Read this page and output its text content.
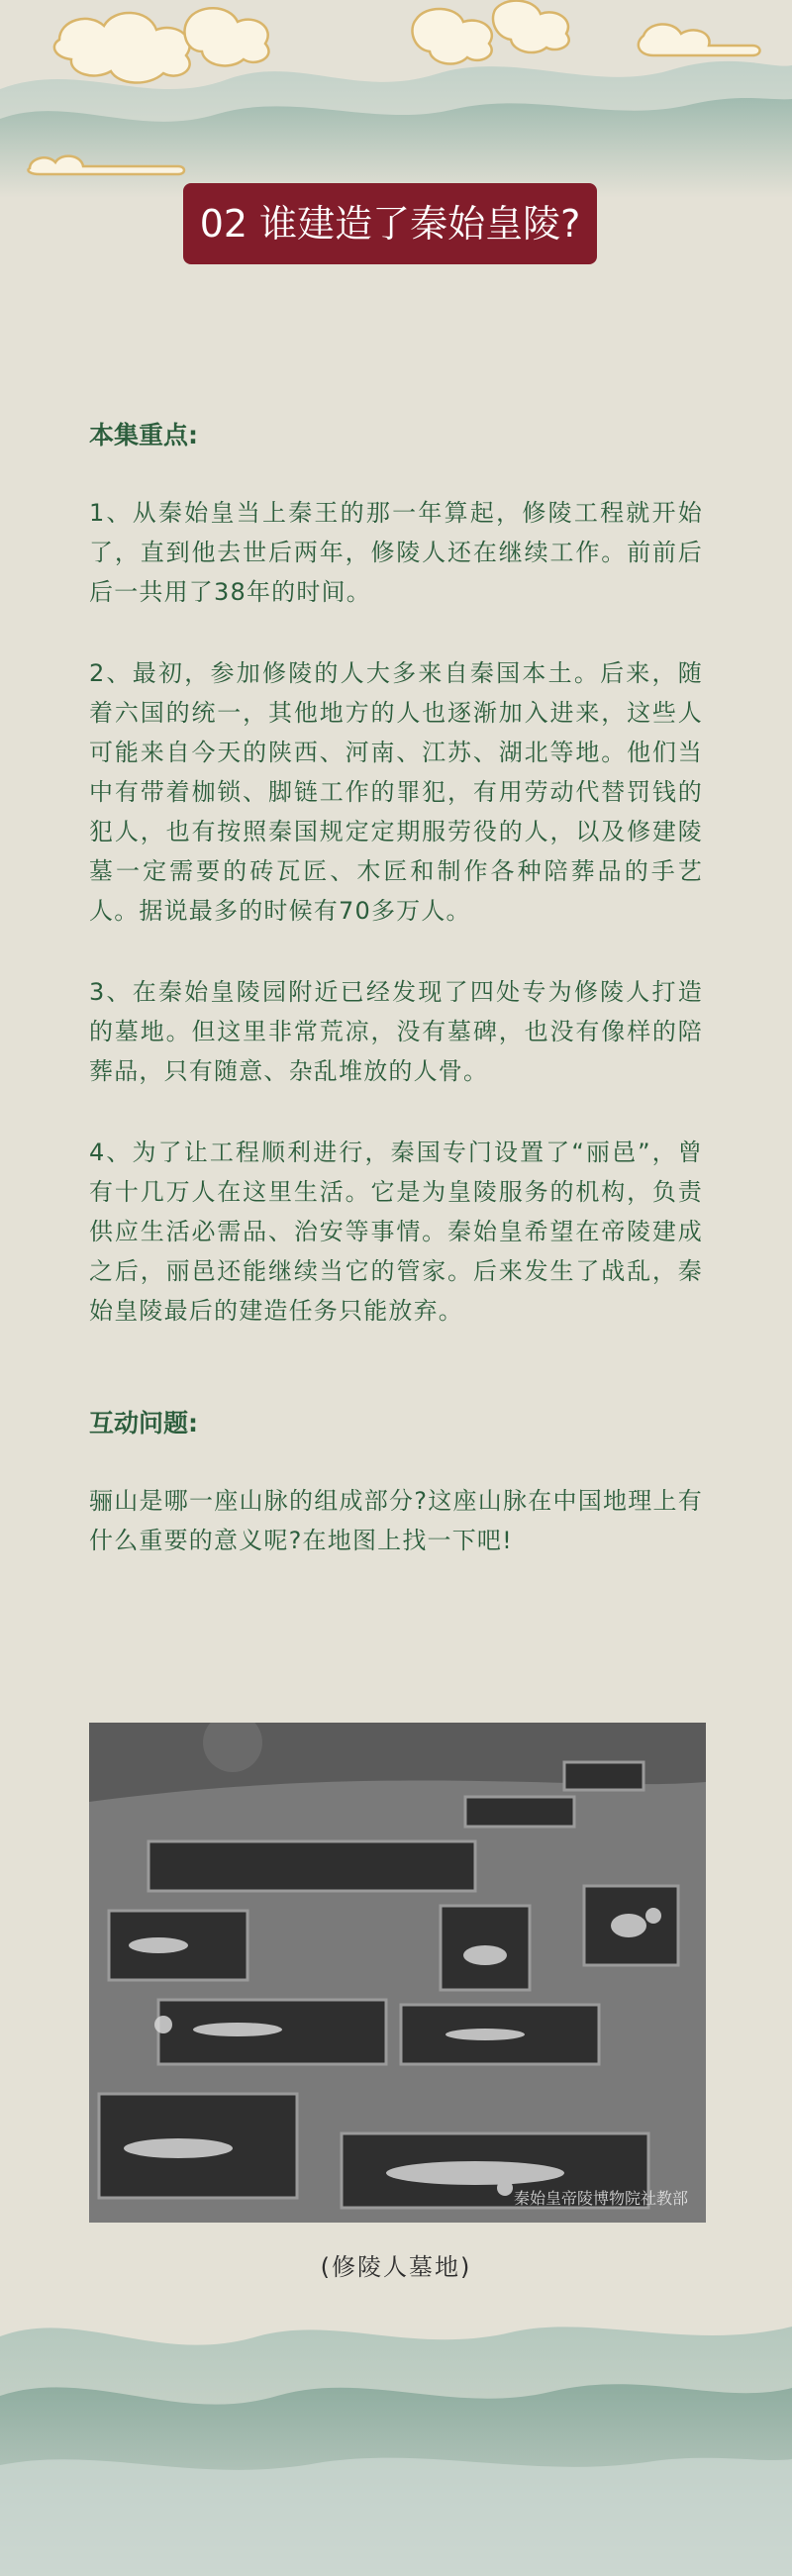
02 谁建造了秦始皇陵?

本集重点:

1、从秦始皇当上秦王的那一年算起，修陵工程就开始了，直到他去世后两年，修陵人还在继续工作。前前后后一共用了38年的时间。

2、最初，参加修陵的人大多来自秦国本土。后来，随着六国的统一，其他地方的人也逐渐加入进来，这些人可能来自今天的陕西、河南、江苏、湖北等地。他们当中有带着枷锁、脚链工作的罪犯，有用劳动代替罚钱的犯人，也有按照秦国规定定期服劳役的人，以及修建陵墓一定需要的砖瓦匠、木匠和制作各种陪葬品的手艺人。据说最多的时候有70多万人。

3、在秦始皇陵园附近已经发现了四处专为修陵人打造的墓地。但这里非常荒凉，没有墓碑，也没有像样的陪葬品，只有随意、杂乱堆放的人骨。

4、为了让工程顺利进行，秦国专门设置了“丽邑”，曾有十几万人在这里生活。它是为皇陵服务的机构，负责供应生活必需品、治安等事情。秦始皇希望在帝陵建成之后，丽邑还能继续当它的管家。后来发生了战乱，秦始皇陵最后的建造任务只能放弃。

互动问题:

骊山是哪一座山脉的组成部分?这座山脉在中国地理上有什么重要的意义呢?在地图上找一下吧!

秦始皇帝陵博物院社教部
(修陵人墓地)
